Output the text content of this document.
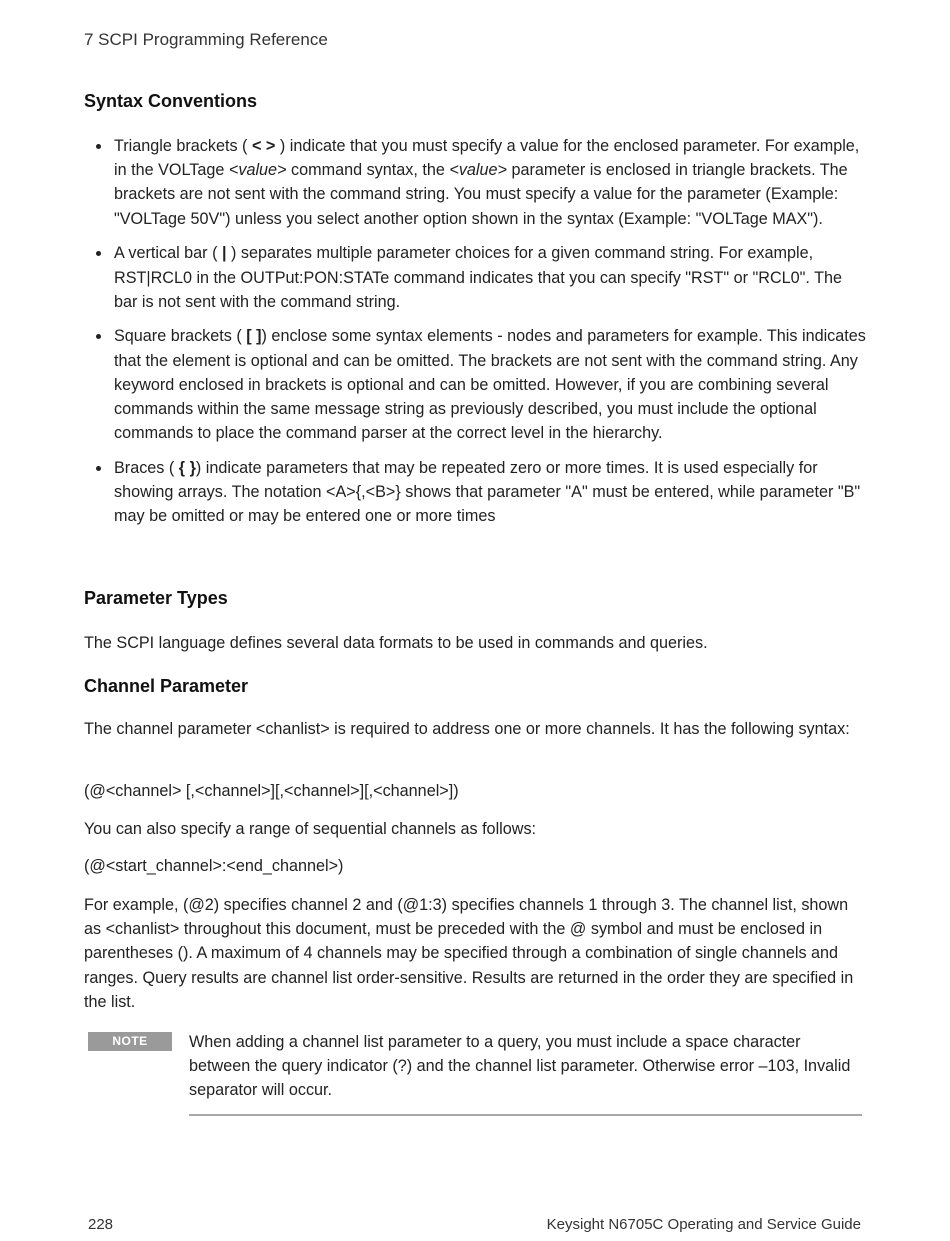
7 SCPI Programming Reference
Syntax Conventions
Triangle brackets ( < > ) indicate that you must specify a value for the enclosed parameter. For example, in the VOLTage <value> command syntax, the <value> parameter is enclosed in triangle brackets. The brackets are not sent with the command string. You must specify a value for the parameter (Example: "VOLTage 50V") unless you select another option shown in the syntax (Example: "VOLTage MAX").
A vertical bar ( | ) separates multiple parameter choices for a given command string. For example, RST|RCL0 in the OUTPut:PON:STATe command indicates that you can specify "RST" or "RCL0". The bar is not sent with the command string.
Square brackets ( [ ]) enclose some syntax elements - nodes and parameters for example. This indicates that the element is optional and can be omitted. The brackets are not sent with the command string. Any keyword enclosed in brackets is optional and can be omitted. However, if you are combining several commands within the same message string as previously described, you must include the optional commands to place the command parser at the correct level in the hierarchy.
Braces ( { }) indicate parameters that may be repeated zero or more times. It is used especially for showing arrays. The notation <A>{,<B>} shows that parameter "A" must be entered, while parameter "B" may be omitted or may be entered one or more times
Parameter Types
The SCPI language defines several data formats to be used in commands and queries.
Channel Parameter
The channel parameter <chanlist> is required to address one or more channels. It has the following syntax:
(@<channel> [,<channel>][,<channel>][,<channel>])
You can also specify a range of sequential channels as follows:
(@<start_channel>:<end_channel>)
For example, (@2) specifies channel 2 and (@1:3) specifies channels 1 through 3. The channel list, shown as <chanlist> throughout this document, must be preceded with the @ symbol and must be enclosed in parentheses (). A maximum of 4 channels may be specified through a combination of single channels and ranges. Query results are channel list order-sensitive. Results are returned in the order they are specified in the list.
NOTE	When adding a channel list parameter to a query, you must include a space character between the query indicator (?) and the channel list parameter. Otherwise error –103, Invalid separator will occur.
228	Keysight N6705C Operating and Service Guide
